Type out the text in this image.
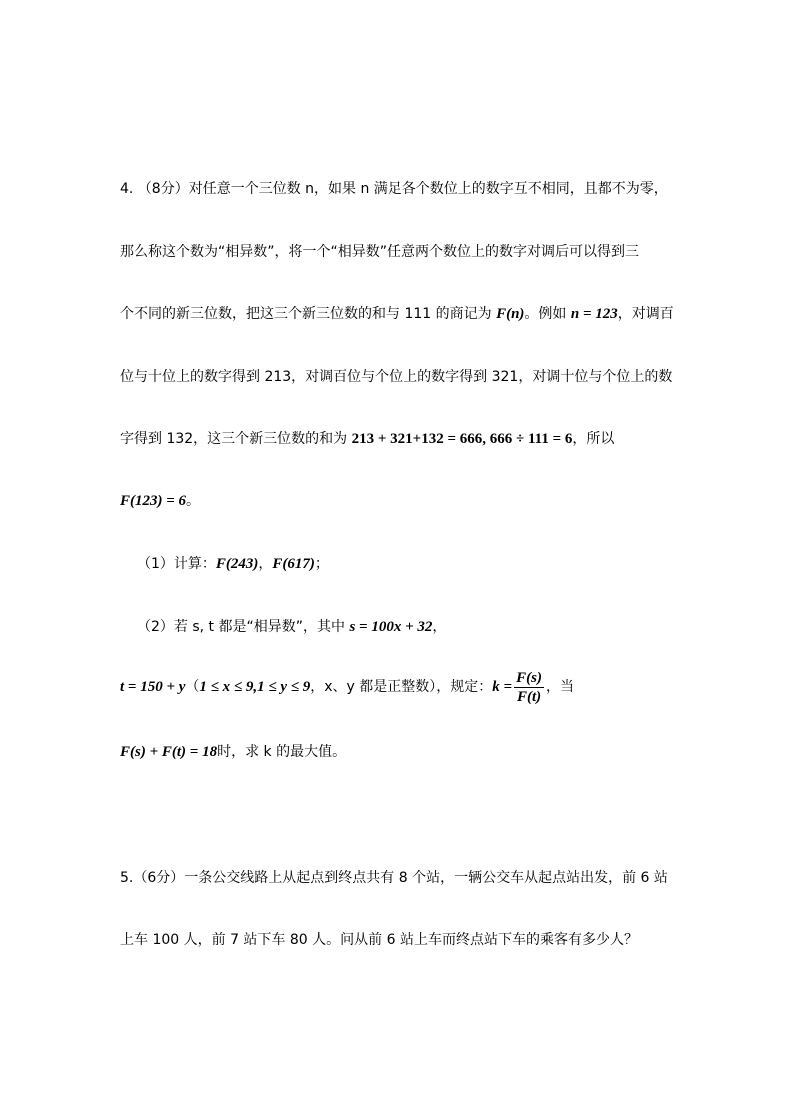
4. （8分）对任意一个三位数 n，如果 n 满足各个数位上的数字互不相同，且都不为零，
那么称这个数为“相异数”，将一个“相异数”任意两个数位上的数字对调后可以得到三
个不同的新三位数，把这三个新三位数的和与 111 的商记为 F(n)。例如 n = 123，对调百
位与十位上的数字得到 213，对调百位与个位上的数字得到 321，对调十位与个位上的数
字得到 132，这三个新三位数的和为 213 + 321+132 = 666, 666 ÷ 111 = 6，所以
F(123) = 6。
（1）计算：F(243)，F(617)；
（2）若 s, t 都是“相异数”，其中 s = 100x + 32，
t = 150 + y（1 ≤ x ≤ 9,1 ≤ y ≤ 9，x、y 都是正整数），规定：$k = \frac{F(s)}{F(t)}$ ，当
F(s) + F(t) = 18时，求 k 的最大值。
5.（6分）一条公交线路上从起点到终点共有 8 个站，一辆公交车从起点站出发，前 6 站
上车 100 人，前 7 站下车 80 人。问从前 6 站上车而终点站下车的乘客有多少人？
